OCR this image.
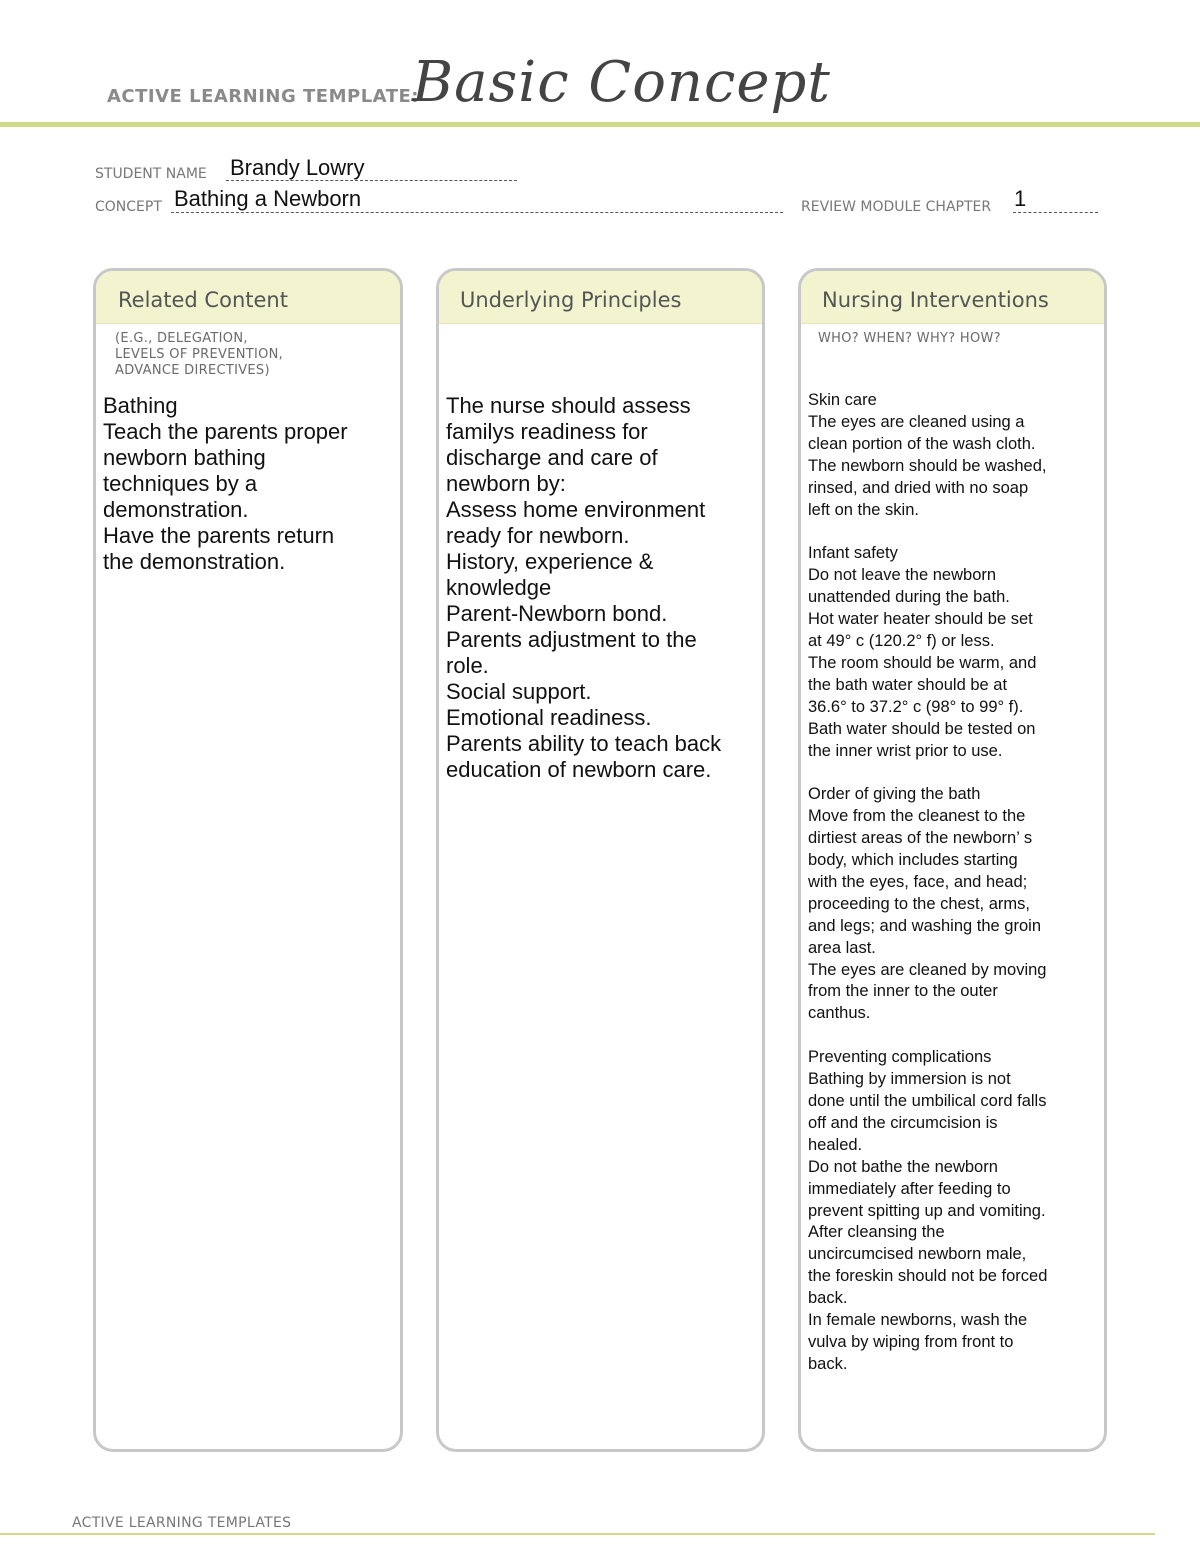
ACTIVE LEARNING TEMPLATE:
Basic Concept
STUDENT NAME Brandy Lowry
CONCEPT Bathing a Newborn	REVIEW MODULE CHAPTER 1
Related Content
(E.G., DELEGATION,
LEVELS OF PREVENTION,
ADVANCE DIRECTIVES)
Bathing
Teach the parents proper
newborn bathing
techniques by a
demonstration.
Have the parents return
the demonstration.
Underlying Principles
The nurse should assess
familys readiness for
discharge and care of
newborn by:
Assess home environment
ready for newborn.
History, experience &
knowledge
Parent-Newborn bond.
Parents adjustment to the
role.
Social support.
Emotional readiness.
Parents ability to teach back
education of newborn care.
Nursing Interventions
WHO? WHEN? WHY? HOW?
Skin care
The eyes are cleaned using a
clean portion of the wash cloth.
The newborn should be washed,
rinsed, and dried with no soap
left on the skin.

Infant safety
Do not leave the newborn
unattended during the bath.
Hot water heater should be set
at 49° c (120.2° f) or less.
The room should be warm, and
the bath water should be at
36.6° to 37.2° c (98° to 99° f).
Bath water should be tested on
the inner wrist prior to use.

Order of giving the bath
Move from the cleanest to the
dirtiest areas of the newborn’ s
body, which includes starting
with the eyes, face, and head;
proceeding to the chest, arms,
and legs; and washing the groin
area last.
The eyes are cleaned by moving
from the inner to the outer
canthus.

Preventing complications
Bathing by immersion is not
done until the umbilical cord falls
off and the circumcision is
healed.
Do not bathe the newborn
immediately after feeding to
prevent spitting up and vomiting.
After cleansing the
uncircumcised newborn male,
the foreskin should not be forced
back.
In female newborns, wash the
vulva by wiping from front to
back.
ACTIVE LEARNING TEMPLATES
